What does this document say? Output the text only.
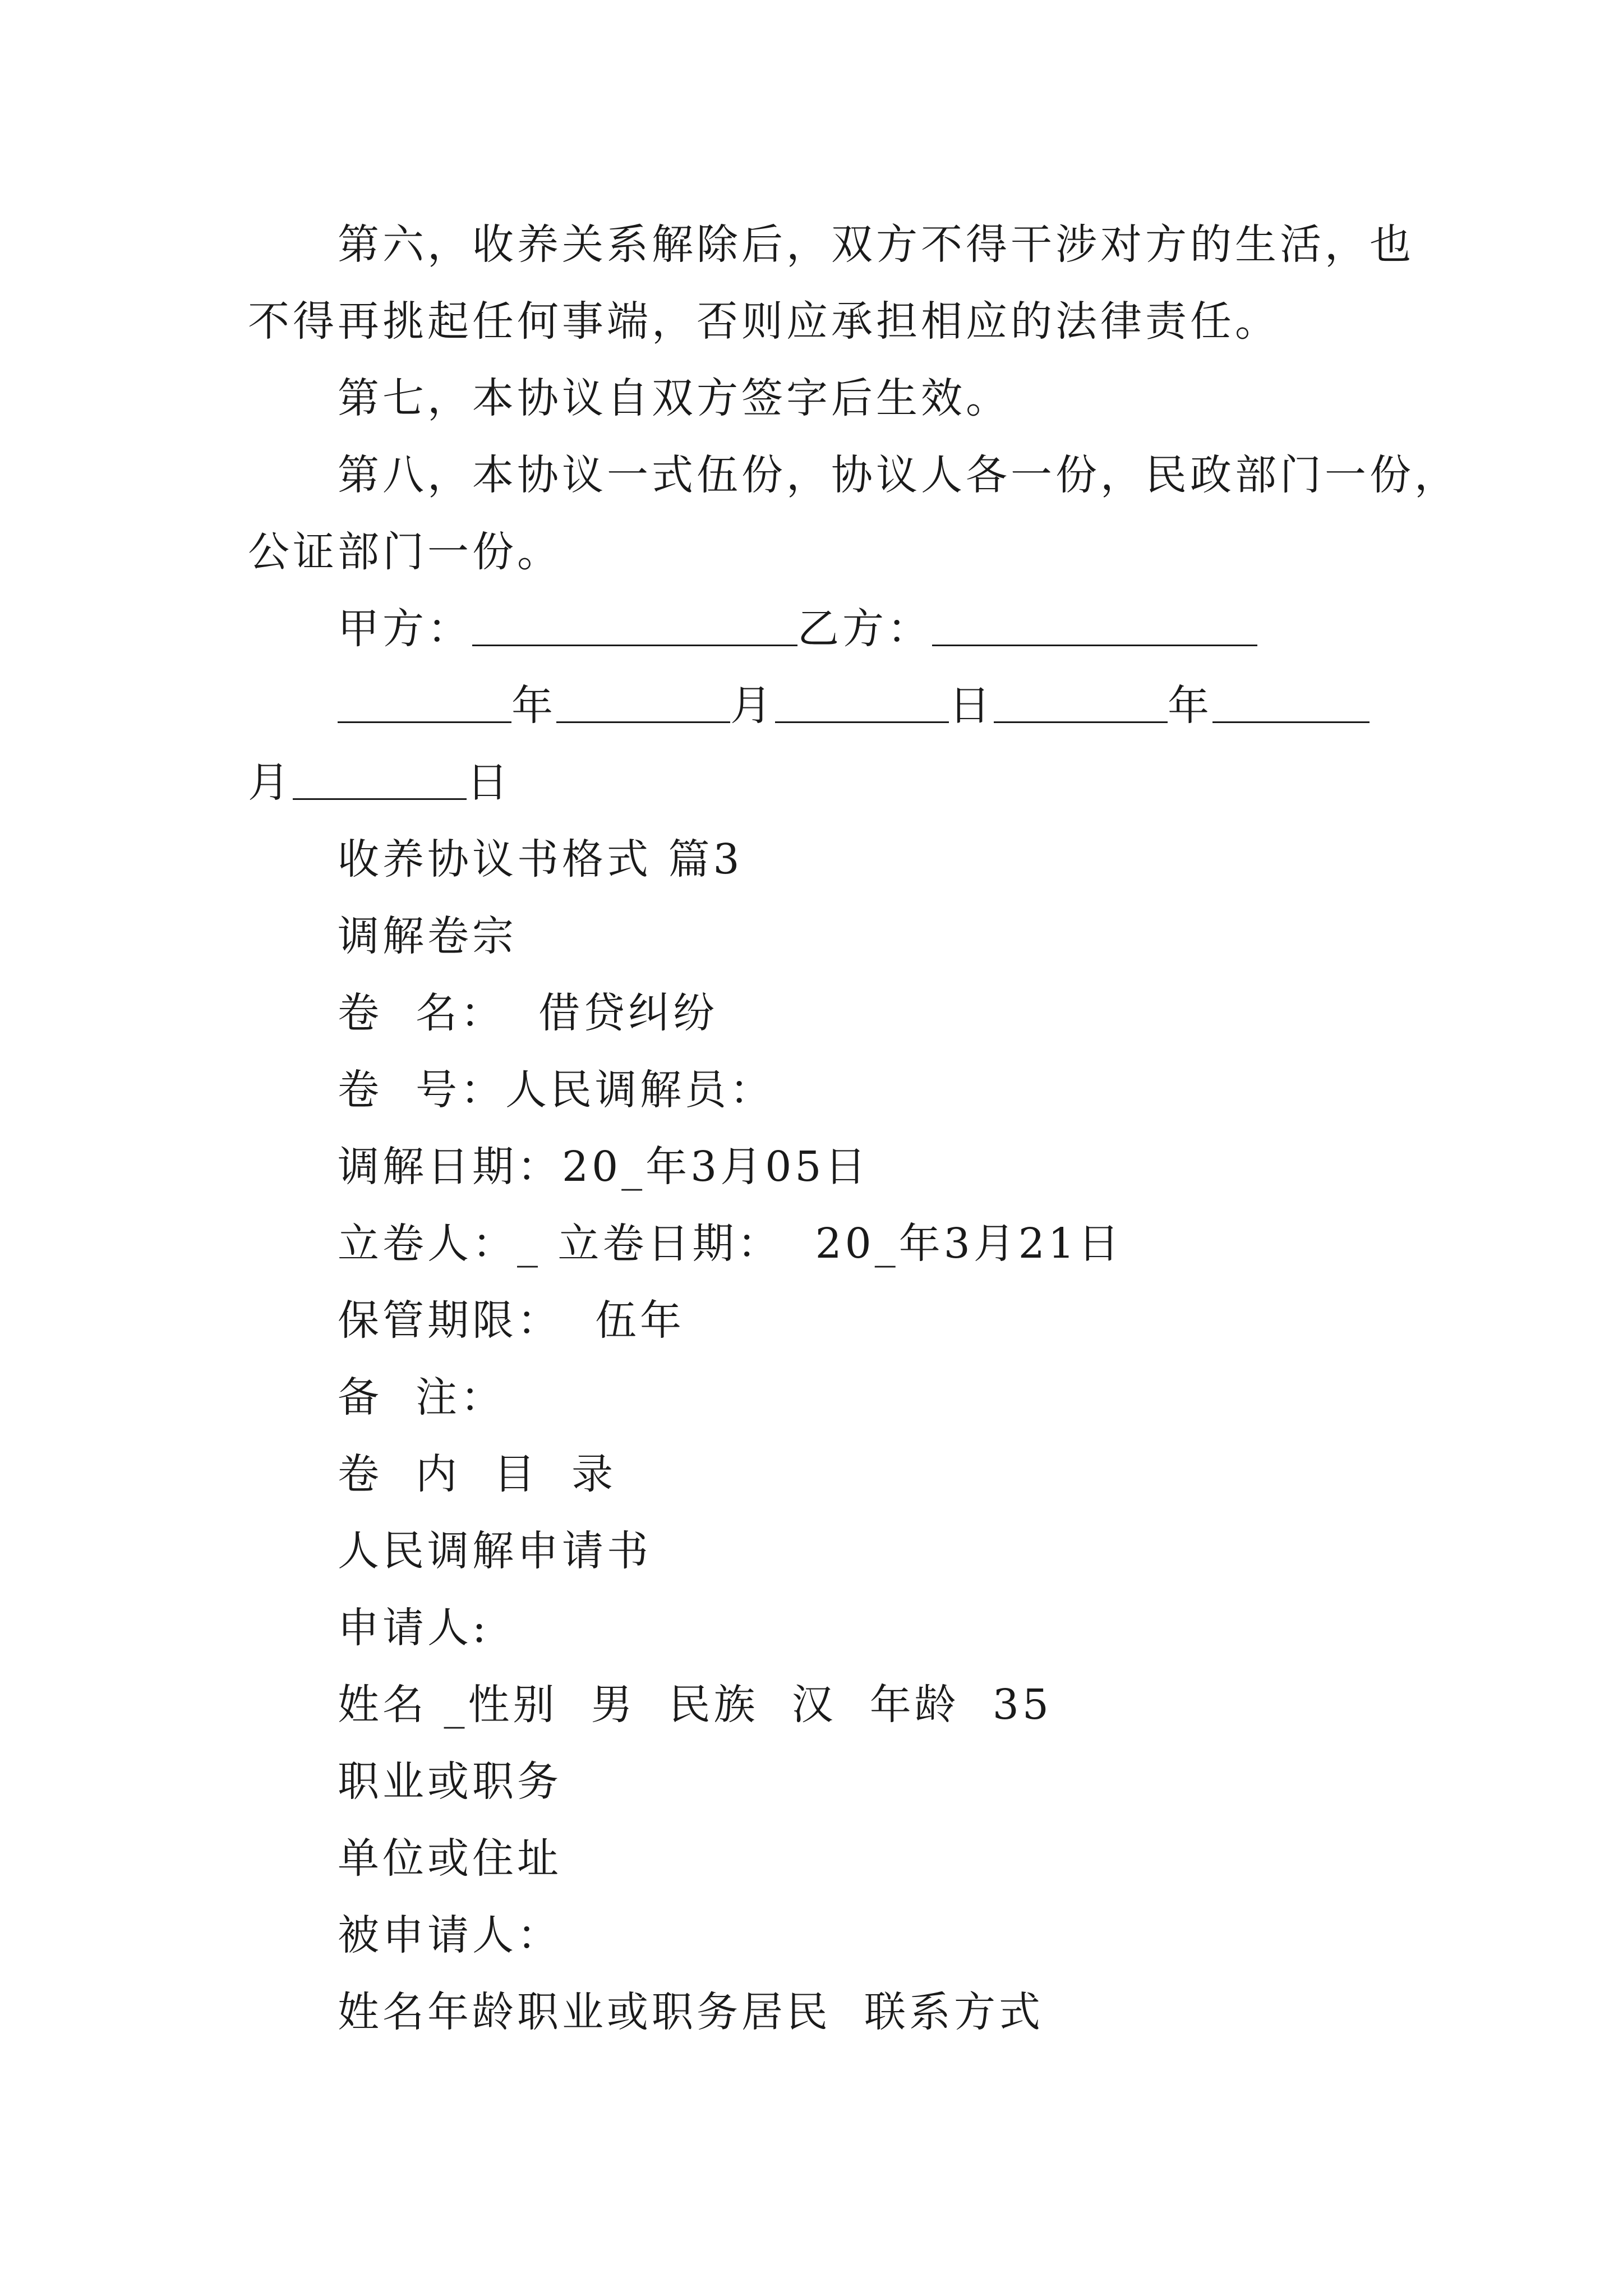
第六，收养关系解除后，双方不得干涉对方的生活，也
不得再挑起任何事端，否则应承担相应的法律责任。
第七，本协议自双方签字后生效。
第八，本协议一式伍份，协议人各一份，民政部门一份，
公证部门一份。
甲方：	乙方：
年	月	日	年
月	日
收养协议书格式 篇3
调解卷宗
卷  名：  借贷纠纷
卷  号：人民调解员：
调解日期：20_年3月05日
立卷人：_ 立卷日期：  20_年3月21日
保管期限：  伍年
备  注：
卷  内  目  录
人民调解申请书
申请人:
姓名 _性别  男  民族  汉  年龄  35
职业或职务
单位或住址
被申请人：
姓名年龄职业或职务居民  联系方式
